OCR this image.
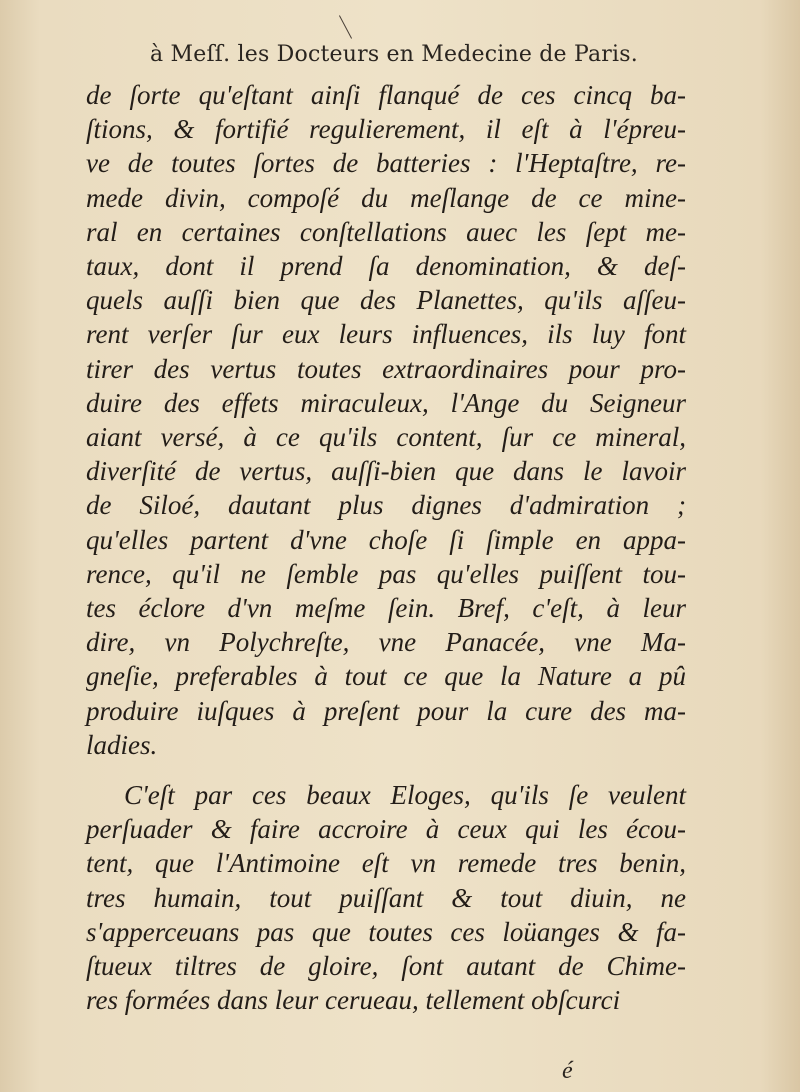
à Meſſ. les Docteurs en Medecine de Paris.
de ſorte qu'eſtant ainſi flanqué de ces cincq ba-
ſtions, & fortifié regulierement, il eſt à l'épreu-
ve de toutes ſortes de batteries : l'Heptaſtre, re-
mede divin, compoſé du meſlange de ce mine-
ral en certaines conſtellations auec les ſept me-
taux, dont il prend ſa denomination, & deſ-
quels auſſi bien que des Planettes, qu'ils aſſeu-
rent verſer ſur eux leurs influences, ils luy font
tirer des vertus toutes extraordinaires pour pro-
duire des effets miraculeux, l'Ange du Seigneur
aiant versé, à ce qu'ils content, ſur ce mineral,
diverſité de vertus, auſſi-bien que dans le lavoir
de Siloé, dautant plus dignes d'admiration ;
qu'elles partent d'vne choſe ſi ſimple en appa-
rence, qu'il ne ſemble pas qu'elles puiſſent tou-
tes éclore d'vn meſme ſein. Bref, c'eſt, à leur
dire, vn Polychreſte, vne Panacée, vne Ma-
gneſie, preferables à tout ce que la Nature a pû
produire iuſques à preſent pour la cure des ma-
ladies.
C'eſt par ces beaux Eloges, qu'ils ſe veulent
perſuader & faire accroire à ceux qui les écou-
tent, que l'Antimoine eſt vn remede tres benin,
tres humain, tout puiſſant & tout diuin, ne
s'apperceuans pas que toutes ces loüanges & fa-
ſtueux tiltres de gloire, ſont autant de Chime-
res formées dans leur cerueau, tellement obſcurci
é
